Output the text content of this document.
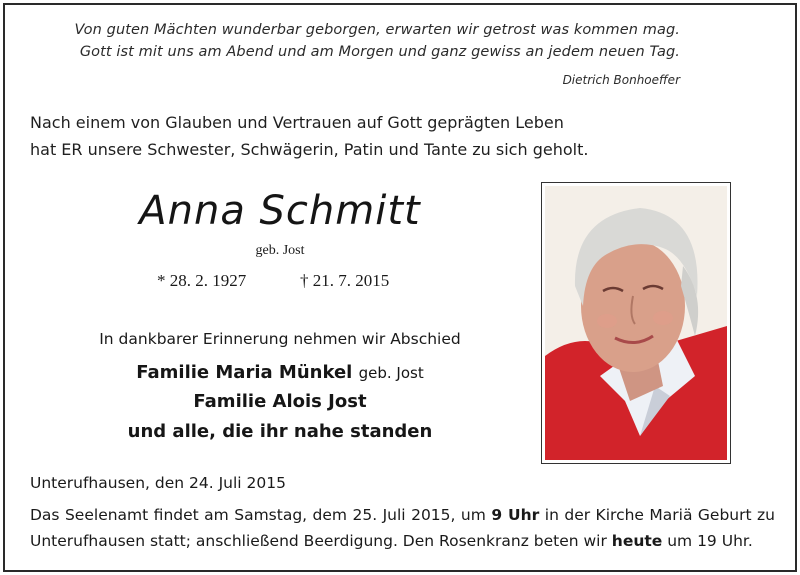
Von guten Mächten wunderbar geborgen, erwarten wir getrost was kommen mag.
Gott ist mit uns am Abend und am Morgen und ganz gewiss an jedem neuen Tag.
Dietrich Bonhoeffer
Nach einem von Glauben und Vertrauen auf Gott geprägten Leben
hat ER unsere Schwester, Schwägerin, Patin und Tante zu sich geholt.
Anna Schmitt
geb. Jost
* 28. 2. 1927	† 21. 7. 2015
In dankbarer Erinnerung nehmen wir Abschied
Familie Maria Münkel geb. Jost
Familie Alois Jost
und alle, die ihr nahe standen
Unterufhausen, den 24. Juli 2015
Das Seelenamt findet am Samstag, dem 25. Juli 2015, um 9 Uhr in der Kirche Mariä Geburt zu Unterufhausen statt; anschließend Beerdigung. Den Rosenkranz beten wir heute um 19 Uhr.
